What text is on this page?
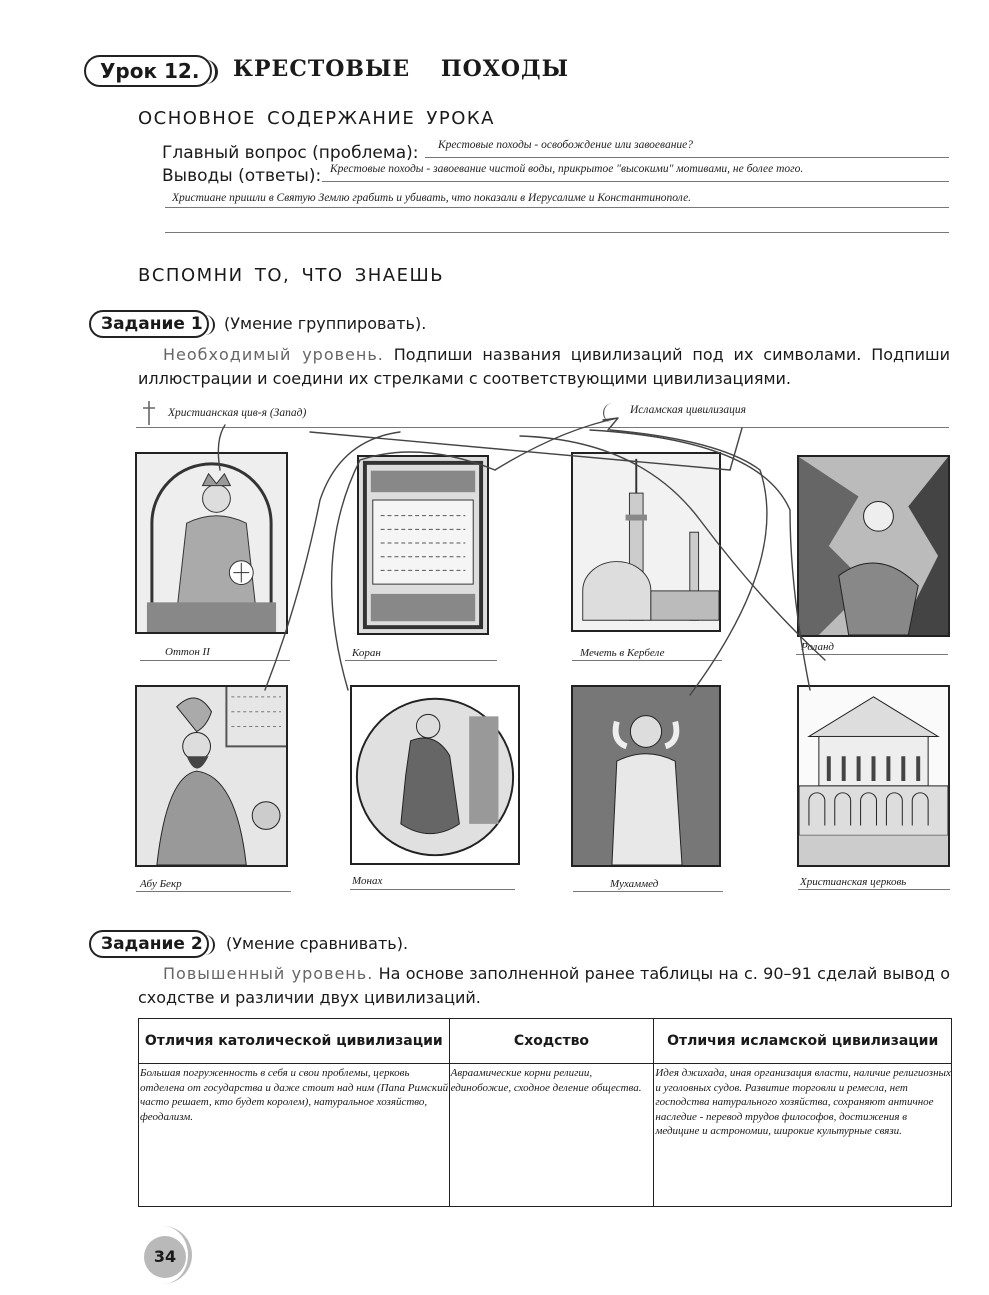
Урок 12.	КРЕСТОВЫЕ ПОХОДЫ
ОСНОВНОЕ СОДЕРЖАНИЕ УРОКА
Главный вопрос (проблема): Крестовые походы - освобождение или завоевание?
Выводы (ответы): Крестовые походы - завоевание чистой воды, прикрытое "высокими" мотивами, не более того.
Христиане пришли в Святую Землю грабить и убивать, что показали в Иерусалиме и Константинополе.
ВСПОМНИ ТО, ЧТО ЗНАЕШЬ
Задание 1	(Умение группировать).
Необходимый уровень. Подпиши названия цивилизаций под их символами. Подпиши иллюстрации и соедини их стрелками с соответствующими цивилизациями.
Христианская цив-я (Запад)	Исламская цивилизация
Оттон II	Коран	Мечеть в Кербеле	Роланд
Абу Бекр	Монах	Мухаммед	Христианская церковь
Задание 2	(Умение сравнивать).
Повышенный уровень. На основе заполненной ранее таблицы на с. 90–91 сделай вывод о сходстве и различии двух цивилизаций.
Отличия католической цивилизации	Сходство	Отличия исламской цивилизации
Большая погруженность в себя и свои проблемы, церковь отделена от государства и даже стоит над ним (Папа Римский часто решает, кто будет королем), натуральное хозяйство, феодализм.	Авраамические корни религии, единобожие, сходное деление общества.	Идея джихада, иная организация власти, наличие религиозных и уголовных судов. Развитие торговли и ремесла, нет господства натурального хозяйства, сохраняют античное наследие - перевод трудов философов, достижения в медицине и астрономии, широкие культурные связи.
34
